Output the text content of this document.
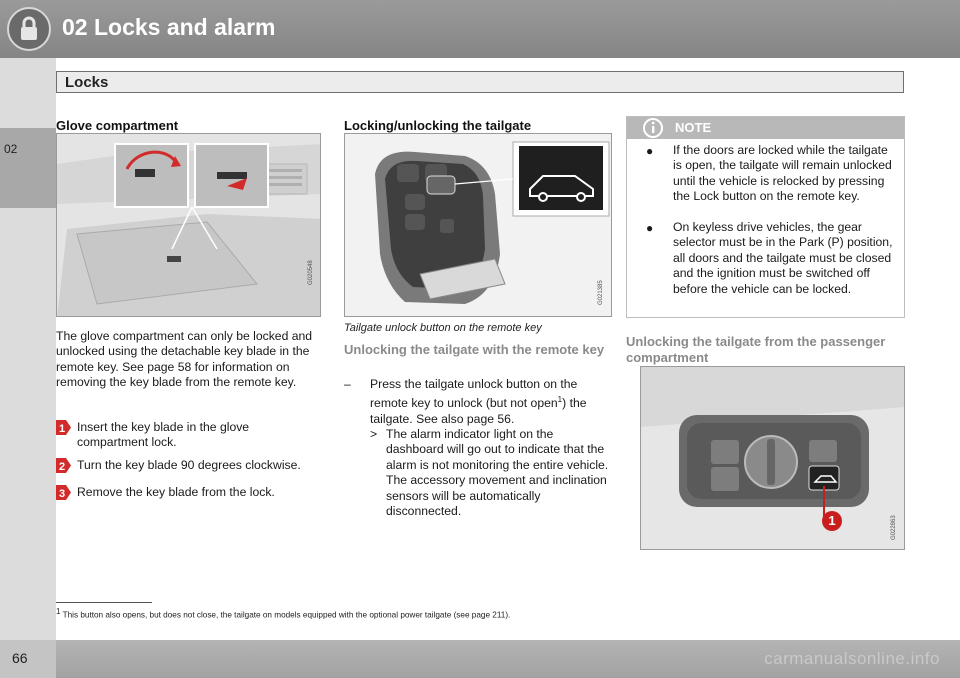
02 Locks and alarm
02
Locks
Glove compartment
G020548
The glove compartment can only be locked and unlocked using the detachable key blade in the remote key. See page 58 for information on removing the key blade from the remote key.
1 Insert the key blade in the glove compartment lock.
2 Turn the key blade 90 degrees clockwise.
3 Remove the key blade from the lock.
Locking/unlocking the tailgate
G021385
Tailgate unlock button on the remote key
Unlocking the tailgate with the remote key
–	Press the tailgate unlock button on the remote key to unlock (but not open$^1$) the tailgate. See also page 56.
> The alarm indicator light on the dashboard will go out to indicate that the alarm is not monitoring the entire vehicle. The accessory movement and inclination sensors will be automatically disconnected.
NOTE
● If the doors are locked while the tailgate is open, the tailgate will remain unlocked until the vehicle is relocked by pressing the Lock button on the remote key.
● On keyless drive vehicles, the gear selector must be in the Park (P) position, all doors and the tailgate must be closed and the ignition must be switched off before the vehicle can be locked.
Unlocking the tailgate from the passenger compartment
1	G022863
$^1$ This button also opens, but does not close, the tailgate on models equipped with the optional power tailgate (see page 211).
66	carmanualsonline.info
